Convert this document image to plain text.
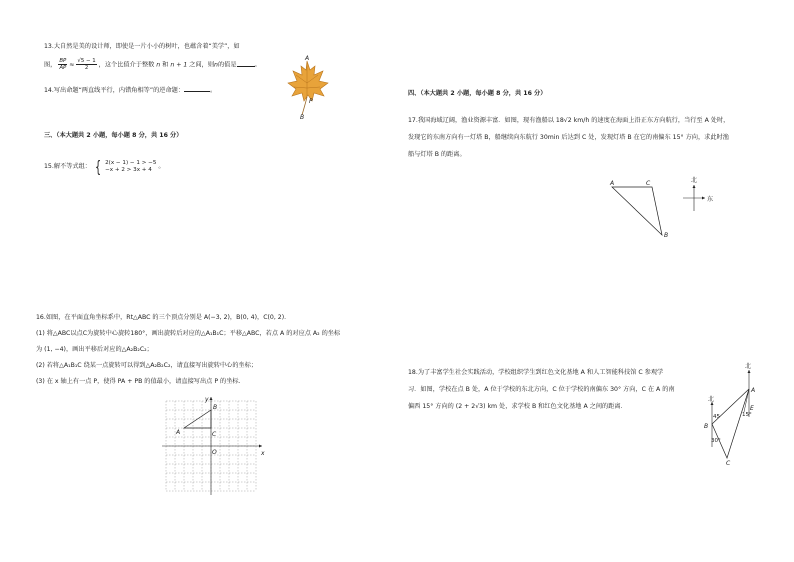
13.大自然是美的设计师，即使是一片小小的树叶，也蕴含着“美学”，如
图， $\frac{BP}{AP} \approx \frac{√5 - 1}{2}$ ，这个比值介于整数 n 和 n + 1 之间，则n的值是	。
A
P
B
14.写出命题“两直线平行，内错角相等”的逆命题：	。
三、（本大题共 2 小题，每小题 8 分，共 16 分）
15.解不等式组： { 2(x − 1) − 1 > −5
−x + 2 > 3x + 4	。
16.如图，在平面直角坐标系中，Rt△ABC 的三个顶点分别是 A(−3, 2)，B(0, 4)，C(0, 2)．
(1) 将△ABC以点C为旋转中心旋转180°，画出旋转后对应的△A₁B₁C；平移△ABC，若点 A 的对应点 A₂ 的坐标
为 (1, −4)，画出平移后对应的△A₂B₂C₂；
(2) 若将△A₁B₁C 绕某一点旋转可以得到△A₂B₂C₂，请直接写出旋转中心的坐标；
(3) 在 x 轴上有一点 P，使得 PA + PB 的值最小，请直接写出点 P 的坐标．
y
x
O
A
B
C
四、（本大题共 2 小题，每小题 8 分，共 16 分）
17.我国海域辽阔，渔业资源丰富．如图，现有渔船以 18√2 km/h 的速度在海面上沿正东方向航行，当行至 A 处时，
发现它的东南方向有一灯塔 B，船继续向东航行 30min 后达到 C 处，发现灯塔 B 在它的南偏东 15° 方向，求此时渔
船与灯塔 B 的距离。
A	C
B
北
东
18.为了丰富学生社会实践活动，学校组织学生到红色文化基地 A 和人工智能科技馆 C 参观学
习．如图，学校在点 B 处，A 位于学校的东北方向，C 位于学校的南偏东 30° 方向，C 在 A 的南
偏西 15° 方向的 (2 + 2√3) km 处，求学校 B 和红色文化基地 A 之间的距离．
北
北
A
B
C
E
45
30°
15°
